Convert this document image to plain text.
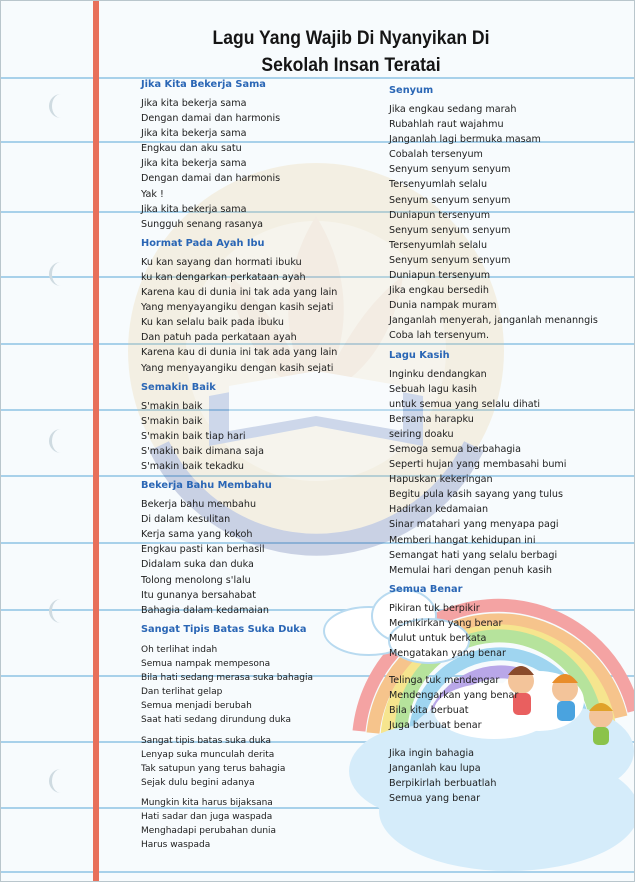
Lagu Yang Wajib Di Nyanyikan Di
Sekolah Insan Teratai
Jika Kita Bekerja Sama
Jika kita bekerja sama
Dengan damai dan harmonis
Jika kita bekerja sama
Engkau dan aku satu
Jika kita bekerja sama
Dengan damai dan harmonis
Yak !
Jika kita bekerja sama
Sungguh senang rasanya
Hormat Pada Ayah Ibu
Ku kan sayang dan hormati ibuku
ku kan dengarkan perkataan ayah
Karena kau di dunia ini tak ada yang lain
Yang menyayangiku dengan kasih sejati
Ku kan selalu baik pada ibuku
Dan patuh pada perkataan ayah
Karena kau di dunia ini tak ada yang lain
Yang menyayangiku dengan kasih sejati
Semakin Baik
S'makin baik
S'makin baik
S'makin baik tiap hari
S'makin baik dimana saja
S'makin baik tekadku
Bekerja Bahu Membahu
Bekerja bahu membahu
Di dalam kesulitan
Kerja sama yang kokoh
Engkau pasti kan berhasil
Didalam suka dan duka
Tolong menolong s'lalu
Itu gunanya bersahabat
Bahagia dalam kedamaian
Sangat Tipis Batas Suka Duka
Oh terlihat indah
Semua nampak mempesona
Bila hati sedang merasa suka bahagia
Dan terlihat gelap
Semua menjadi berubah
Saat hati sedang dirundung duka
Sangat tipis batas suka duka
Lenyap suka munculah derita
Tak satupun yang terus bahagia
Sejak dulu begini adanya
Mungkin kita harus bijaksana
Hati sadar dan juga waspada
Menghadapi perubahan dunia
Harus waspada
Senyum
Jika engkau sedang marah
Rubahlah raut wajahmu
Janganlah lagi bermuka masam
Cobalah tersenyum
Senyum senyum senyum
Tersenyumlah selalu
Senyum senyum senyum
Duniapun tersenyum
Senyum senyum senyum
Tersenyumlah selalu
Senyum senyum senyum
Duniapun tersenyum
Jika engkau bersedih
Dunia nampak muram
Janganlah menyerah, janganlah menanngis
Coba lah tersenyum.
Lagu Kasih
Inginku dendangkan
Sebuah lagu kasih
untuk semua yang selalu dihati
Bersama harapku
seiring doaku
Semoga semua berbahagia
Seperti hujan yang membasahi bumi
Hapuskan kekeringan
Begitu pula kasih sayang yang tulus
Hadirkan kedamaian
Sinar matahari yang menyapa pagi
Memberi hangat kehidupan ini
Semangat hati yang selalu berbagi
Memulai hari dengan penuh kasih
Semua Benar
Pikiran tuk berpikir
Memikirkan yang benar
Mulut untuk berkata
Mengatakan yang benar
Telinga tuk mendengar
Mendengarkan yang benar
Bila kita berbuat
Juga berbuat benar
Jika ingin bahagia
Janganlah kau lupa
Berpikirlah berbuatlah
Semua yang benar
